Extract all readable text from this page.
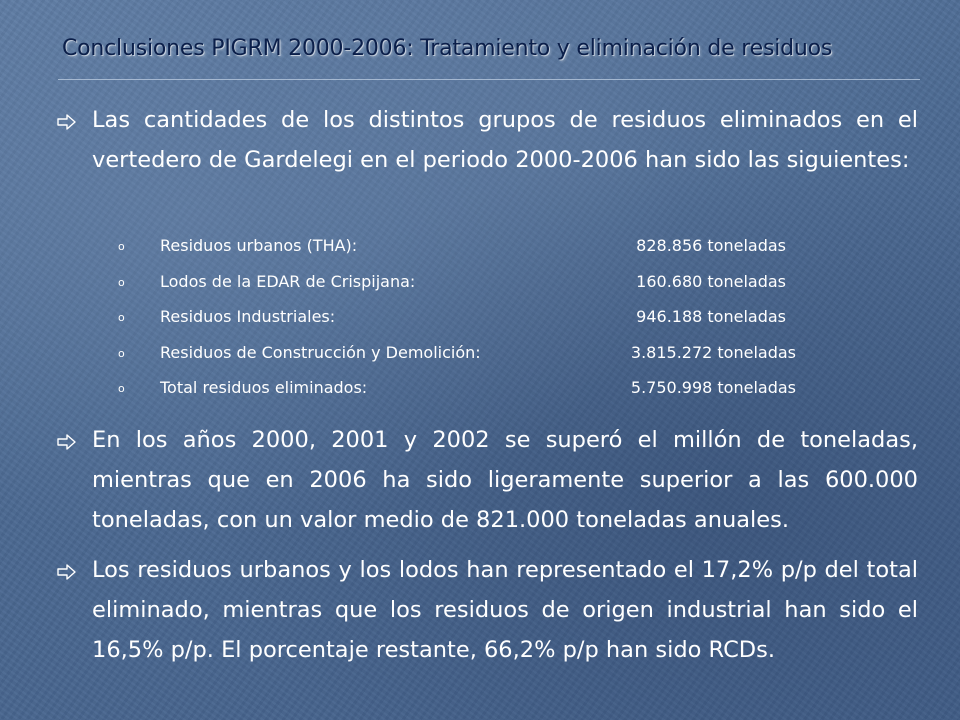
Conclusiones PIGRM 2000-2006: Tratamiento y eliminación de residuos
Las cantidades de los distintos grupos de residuos eliminados en el vertedero de Gardelegi en el periodo 2000-2006 han sido las siguientes:
o Residuos urbanos (THA):	828.856 toneladas
o Lodos de la EDAR de Crispijana:	160.680 toneladas
o Residuos Industriales:	946.188 toneladas
o Residuos de Construcción y Demolición:	3.815.272 toneladas
o Total residuos eliminados:	5.750.998 toneladas
En los años 2000, 2001 y 2002 se superó el millón de toneladas, mientras que en 2006 ha sido ligeramente superior a las 600.000 toneladas, con un valor medio de 821.000 toneladas anuales.
Los residuos urbanos y los lodos han representado el 17,2% p/p del total eliminado, mientras que los residuos de origen industrial han sido el 16,5% p/p. El porcentaje restante, 66,2% p/p han sido RCDs.
